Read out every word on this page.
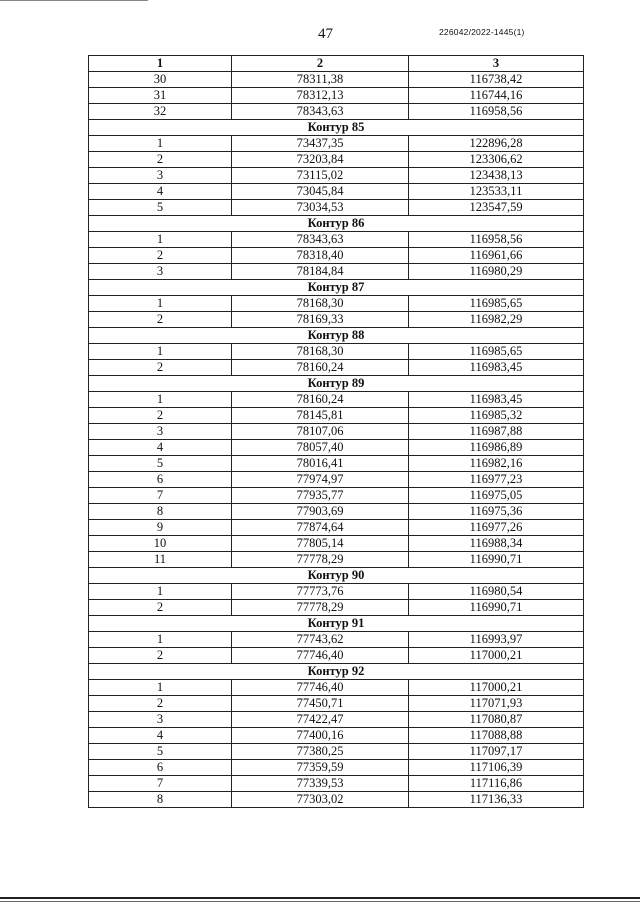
47	226042/2022-1445(1)
1	2	3
30	78311,38	116738,42
31	78312,13	116744,16
32	78343,63	116958,56
Контур 85		
1	73437,35	122896,28
2	73203,84	123306,62
3	73115,02	123438,13
4	73045,84	123533,11
5	73034,53	123547,59
Контур 86		
1	78343,63	116958,56
2	78318,40	116961,66
3	78184,84	116980,29
Контур 87		
1	78168,30	116985,65
2	78169,33	116982,29
Контур 88		
1	78168,30	116985,65
2	78160,24	116983,45
Контур 89		
1	78160,24	116983,45
2	78145,81	116985,32
3	78107,06	116987,88
4	78057,40	116986,89
5	78016,41	116982,16
6	77974,97	116977,23
7	77935,77	116975,05
8	77903,69	116975,36
9	77874,64	116977,26
10	77805,14	116988,34
11	77778,29	116990,71
Контур 90		
1	77773,76	116980,54
2	77778,29	116990,71
Контур 91		
1	77743,62	116993,97
2	77746,40	117000,21
Контур 92		
1	77746,40	117000,21
2	77450,71	117071,93
3	77422,47	117080,87
4	77400,16	117088,88
5	77380,25	117097,17
6	77359,59	117106,39
7	77339,53	117116,86
8	77303,02	117136,33
